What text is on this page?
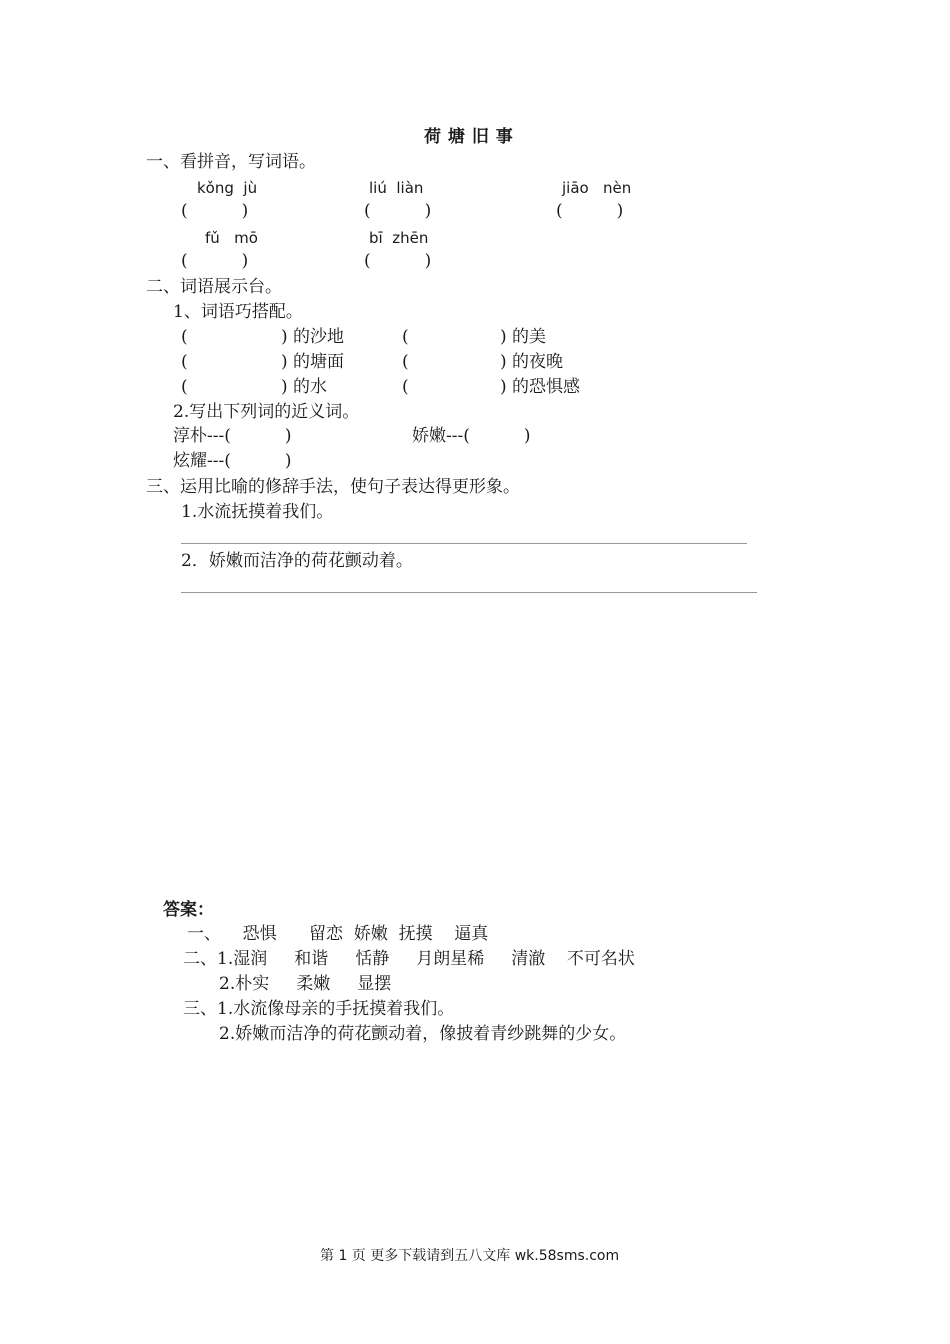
荷 塘 旧 事
一、看拼音，写词语。
kǒng  jù	liú  liàn	jiāo   nèn
(          )	(          )	(          )
fǔ   mō	bī  zhēn
(          )	(          )
二、词语展示台。
1、词语巧搭配。
(	) 的沙地	(	) 的美
(	) 的塘面	(	) 的夜晚
(	) 的水	(	) 的恐惧感
2.写出下列词的近义词。
淳朴---(          )	娇嫩---(          )
炫耀---(          )
三、运用比喻的修辞手法，使句子表达得更形象。
1.水流抚摸着我们。
2．娇嫩而洁净的荷花颤动着。
答案：
一、    恐惧      留恋  娇嫩  抚摸    逼真
二、1.湿润     和谐     恬静     月朗星稀     清澈    不可名状
2.朴实     柔嫩     显摆
三、1.水流像母亲的手抚摸着我们。
2.娇嫩而洁净的荷花颤动着，像披着青纱跳舞的少女。
第 1 页 更多下载请到五八文库 wk.58sms.com
